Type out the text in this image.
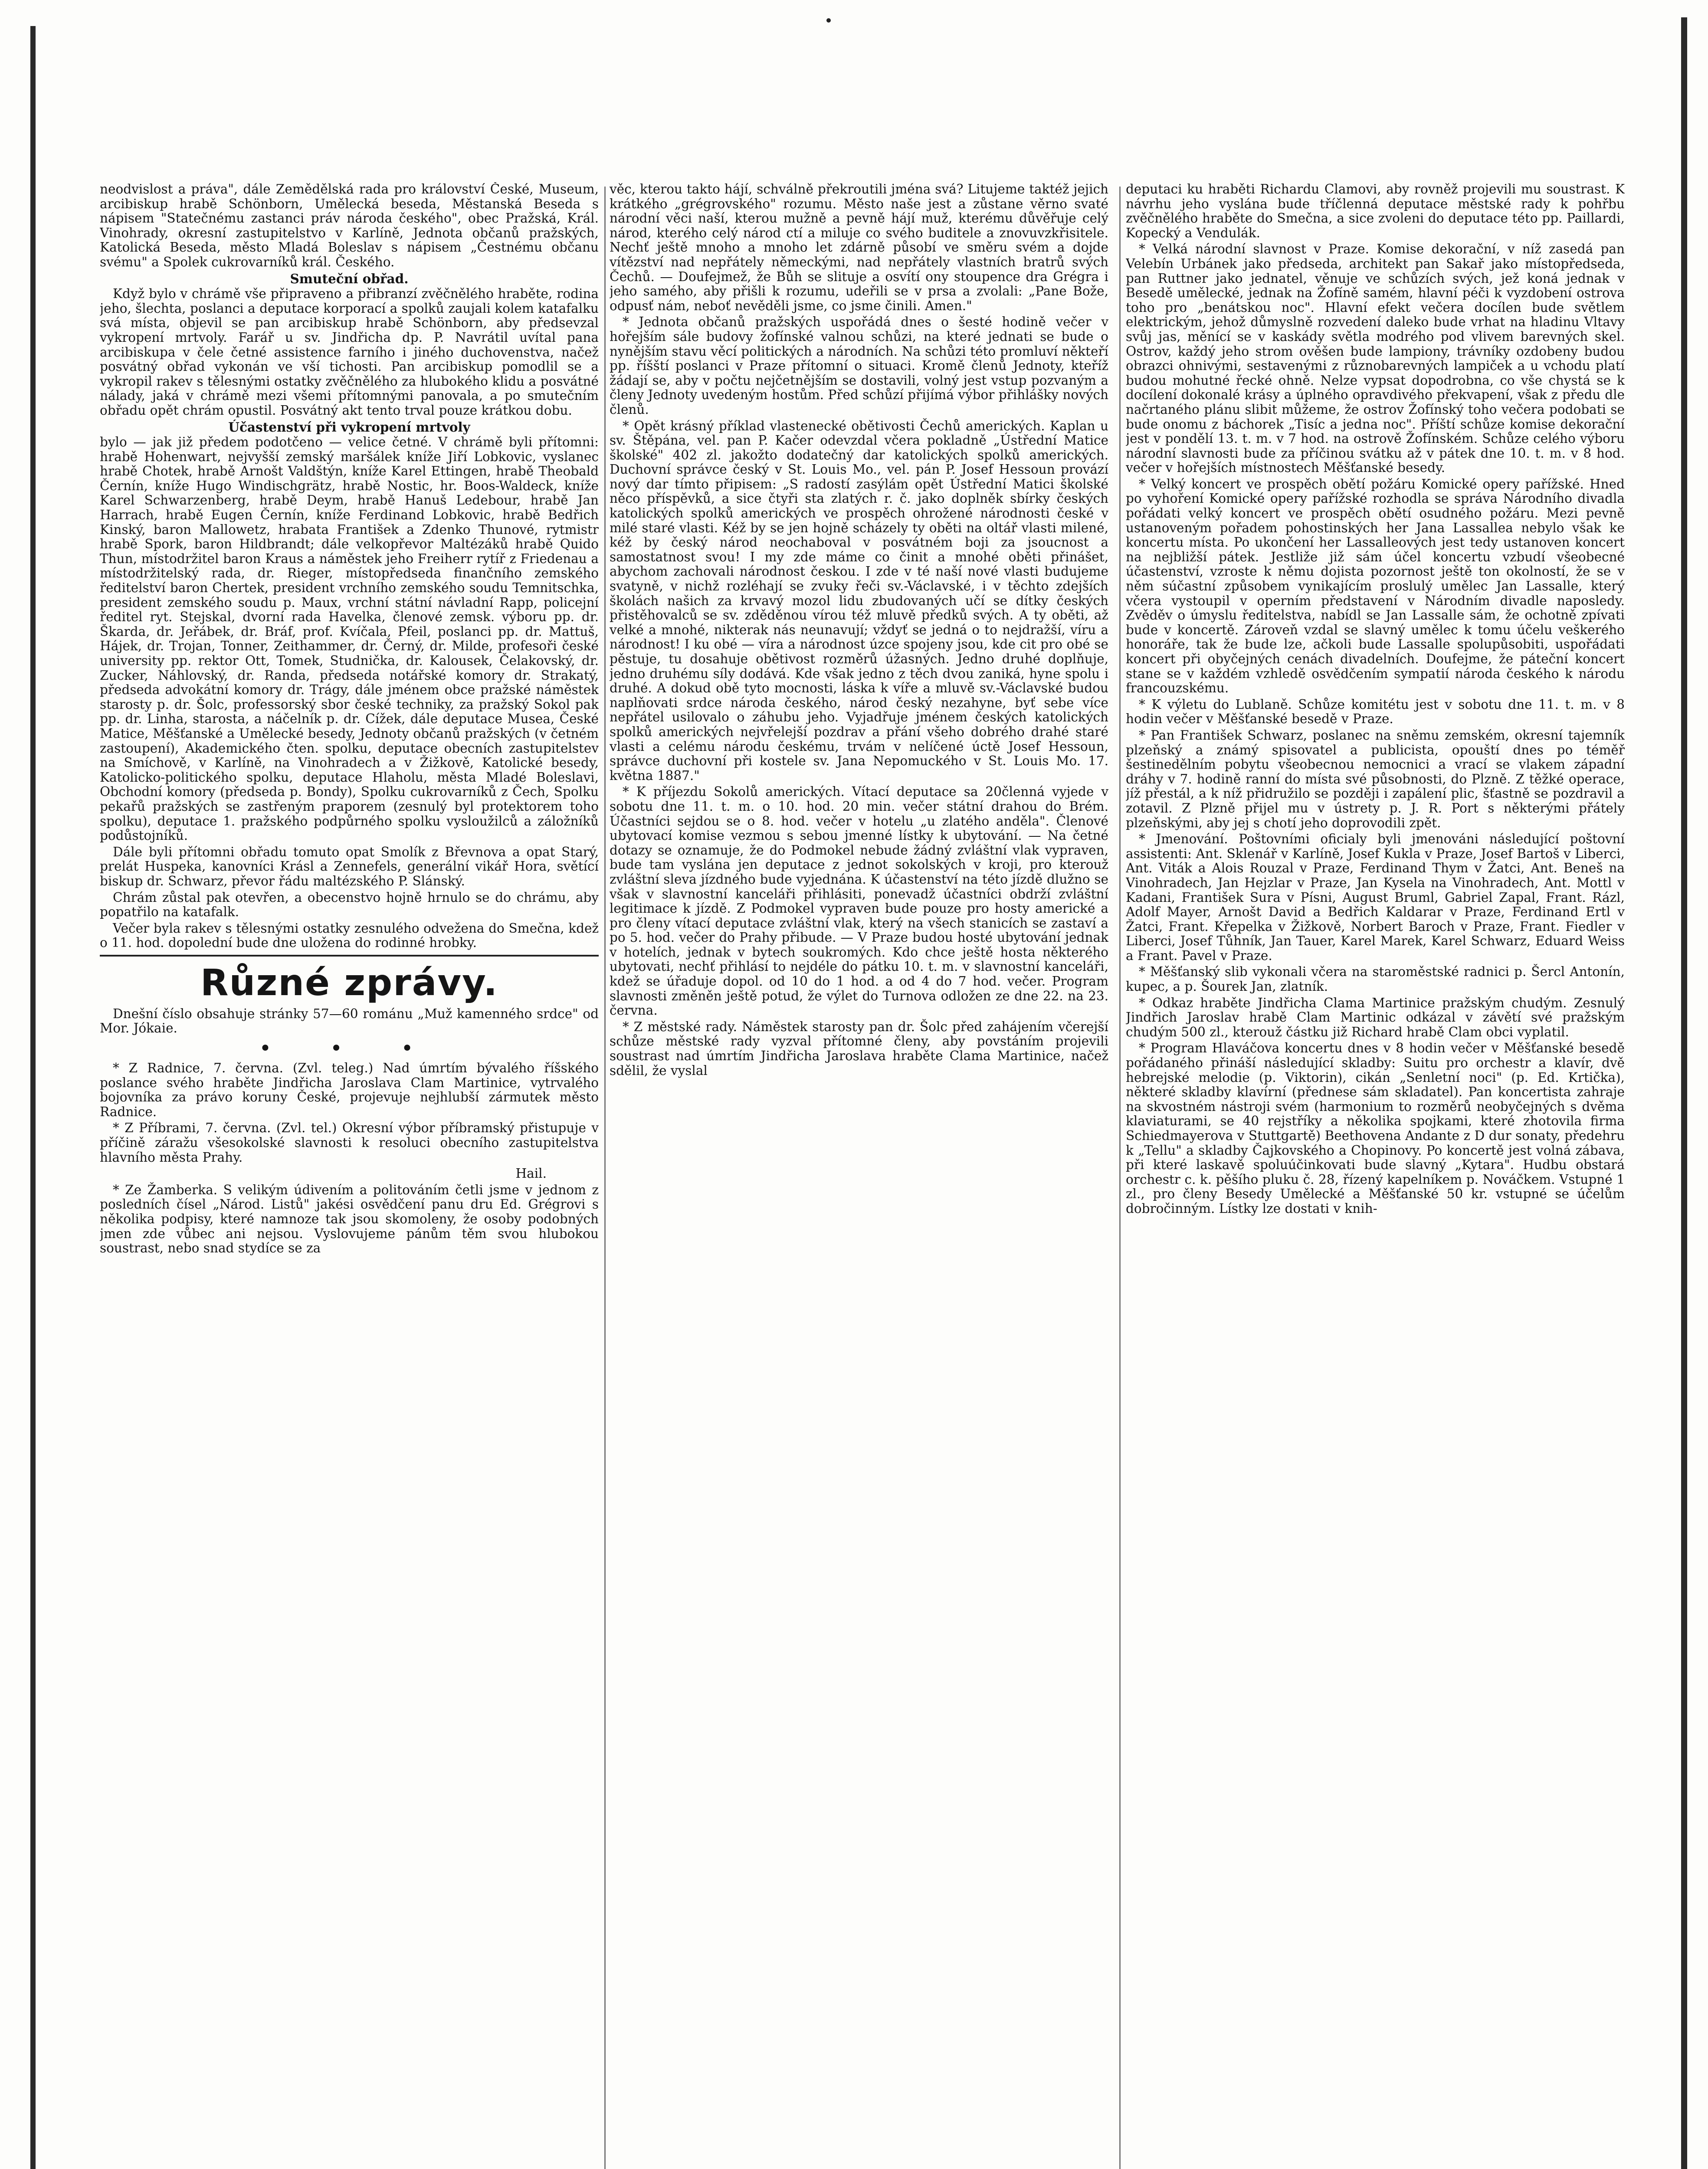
neodvislost a práva", dále Zemědělská rada pro království České, Museum, arcibiskup hrabě Schönborn, Umělecká beseda, Městanská Beseda s nápisem "Statečnému zastanci práv národa českého", obec Pražská, Král. Vinohrady, okresní zastupitelstvo v Karlíně, Jednota občanů pražských, Katolická Beseda, město Mladá Boleslav s nápisem „Čestnému občanu svému" a Spolek cukrovarníků král. Českého.

Smuteční obřad.

Když bylo v chrámě vše připraveno a přibranzí zvěčnělého hraběte, rodina jeho, šlechta, poslanci a deputace korporací a spolků zaujali kolem katafalku svá místa, objevil se pan arcibiskup hrabě Schönborn, aby předsevzal vykropení mrtvoly. Farář u sv. Jindřicha dp. P. Navrátil uvítal pana arcibiskupa v čele četné assistence farního i jiného duchovenstva, načež posvátný obřad vykonán ve vší tichosti. Pan arcibiskup pomodlil se a vykropil rakev s tělesnými ostatky zvěčnělého za hlubokého klidu a posvátné nálady, jaká v chrámě mezi všemi přítomnými panovala, a po smutečním obřadu opět chrám opustil. Posvátný akt tento trval pouze krátkou dobu.

Účastenství při vykropení mrtvoly

bylo — jak již předem podotčeno — velice četné. V chrámě byli přítomni: hrabě Hohenwart, nejvyšší zemský maršálek kníže Jiří Lobkovic, vyslanec hrabě Chotek, hrabě Arnošt Valdštýn, kníže Karel Ettingen, hrabě Theobald Černín, kníže Hugo Windischgrätz, hrabě Nostic, hr. Boos-Waldeck, kníže Karel Schwarzenberg, hrabě Deym, hrabě Hanuš Ledebour, hrabě Jan Harrach, hrabě Eugen Černín, kníže Ferdinand Lobkovic, hrabě Bedřich Kinský, baron Mallowetz, hrabata František a Zdenko Thunové, rytmistr hrabě Spork, baron Hildbrandt; dále velkopřevor Maltézáků hrabě Quido Thun, místodržitel baron Kraus a náměstek jeho Freiherr rytíř z Friedenau a místodržitelský rada, dr. Rieger, místopředseda finančního zemského ředitelství baron Chertek, president vrchního zemského soudu Temnitschka, president zemského soudu p. Maux, vrchní státní návladní Rapp, policejní ředitel ryt. Stejskal, dvorní rada Havelka, členové zemsk. výboru pp. dr. Škarda, dr. Jeřábek, dr. Bráf, prof. Kvíčala, Pfeil, poslanci pp. dr. Mattuš, Hájek, dr. Trojan, Tonner, Zeithammer, dr. Černý, dr. Milde, profesoři české university pp. rektor Ott, Tomek, Studnička, dr. Kalousek, Čelakovský, dr. Zucker, Náhlovský, dr. Randa, předseda notářské komory dr. Strakatý, předseda advokátní komory dr. Trágy, dále jménem obce pražské náměstek starosty p. dr. Šolc, professorský sbor české techniky, za pražský Sokol pak pp. dr. Linha, starosta, a náčelník p. dr. Cížek, dále deputace Musea, České Matice, Měšťanské a Umělecké besedy, Jednoty občanů pražských (v četném zastoupení), Akademického čten. spolku, deputace obecních zastupitelstev na Smíchově, v Karlíně, na Vinohradech a v Žižkově, Katolické besedy, Katolicko-politického spolku, deputace Hlaholu, města Mladé Boleslavi, Obchodní komory (předseda p. Bondy), Spolku cukrovarníků z Čech, Spolku pekařů pražských se zastřeným praporem (zesnulý byl protektorem toho spolku), deputace 1. pražského podpůrného spolku vysloužilců a záložníků podůstojníků.

Dále byli přítomni obřadu tomuto opat Smolík z Břevnova a opat Starý, prelát Huspeka, kanovníci Krásl a Zennefels, generální vikář Hora, světící biskup dr. Schwarz, převor řádu maltézského P. Slánský.

Chrám zůstal pak otevřen, a obecenstvo hojně hrnulo se do chrámu, aby popatřilo na katafalk.

Večer byla rakev s tělesnými ostatky zesnulého odvežena do Smečna, kdež o 11. hod. dopolední bude dne uložena do rodinné hrobky.

Různé zprávy.

Dnešní číslo obsahuje stránky 57—60 románu „Muž kamenného srdce" od Mor. Jókaie.

• • •

* Z Radnice, 7. června. (Zvl. teleg.) Nad úmrtím bývalého říšského poslance svého hraběte Jindřicha Jaroslava Clam Martinice, vytrvalého bojovníka za právo koruny České, projevuje nejhlubší zármutek město Radnice.

* Z Příbrami, 7. června. (Zvl. tel.) Okresní výbor příbramský přistupuje v příčině záražu všesokolské slavnosti k resoluci obecního zastupitelstva hlavního města Prahy.

Hail.

* Ze Žamberka. S velikým údivením a politováním četli jsme v jednom z posledních čísel „Národ. Listů" jakési osvědčení panu dru Ed. Grégrovi s několika podpisy, které namnoze tak jsou skomoleny, že osoby podobných jmen zde vůbec ani nejsou. Vyslovujeme pánům těm svou hlubokou soustrast, nebo snad stydíce se za

věc, kterou takto hájí, schválně překroutili jména svá? Litujeme taktéž jejich krátkého „grégrovského" rozumu. Město naše jest a zůstane věrno svaté národní věci naší, kterou mužně a pevně hájí muž, kterému důvěřuje celý národ, kterého celý národ ctí a miluje co svého buditele a znovuvzkřisitele. Nechť ještě mnoho a mnoho let zdárně působí ve směru svém a dojde vítězství nad nepřátely německými, nad nepřátely vlastních bratrů svých Čechů. — Doufejmež, že Bůh se slituje a osvítí ony stoupence dra Grégra i jeho samého, aby přišli k rozumu, udeřili se v prsa a zvolali: „Pane Bože, odpusť nám, neboť nevěděli jsme, co jsme činili. Amen."

* Jednota občanů pražských uspořádá dnes o šesté hodině večer v hořejším sále budovy žofínské valnou schůzi, na které jednati se bude o nynějším stavu věcí politických a národních. Na schůzi této promluví někteří pp. říšští poslanci v Praze přítomní o situaci. Kromě členů Jednoty, kteříž žádají se, aby v počtu nejčetnějším se dostavili, volný jest vstup pozvaným a členy Jednoty uvedeným hostům. Před schůzí přijímá výbor přihlášky nových členů.

* Opět krásný příklad vlastenecké obětivosti Čechů amerických. Kaplan u sv. Štěpána, vel. pan P. Kačer odevzdal včera pokladně „Ústřední Matice školské" 402 zl. jakožto dodatečný dar katolických spolků amerických. Duchovní správce český v St. Louis Mo., vel. pán P. Josef Hessoun provází nový dar tímto připisem: „S radostí zasýlám opět Ústřední Matici školské něco příspěvků, a sice čtyři sta zlatých r. č. jako doplněk sbírky českých katolických spolků amerických ve prospěch ohrožené národnosti české v milé staré vlasti. Kéž by se jen hojně scházely ty oběti na oltář vlasti milené, kéž by český národ neochaboval v posvátném boji za jsoucnost a samostatnost svou! I my zde máme co činit a mnohé oběti přinášet, abychom zachovali národnost českou. I zde v té naší nové vlasti budujeme svatyně, v nichž rozléhají se zvuky řeči sv.-Václavské, i v těchto zdejších školách našich za krvavý mozol lidu zbudovaných učí se dítky českých přistěhovalců se sv. zděděnou vírou též mluvě předků svých. A ty oběti, až velké a mnohé, nikterak nás neunavují; vždyť se jedná o to nejdražší, víru a národnost! I ku obé — víra a národnost úzce spojeny jsou, kde cit pro obé se pěstuje, tu dosahuje obětivost rozměrů úžasných. Jedno druhé doplňuje, jedno druhému síly dodává. Kde však jedno z těch dvou zaniká, hyne spolu i druhé. A dokud obě tyto mocnosti, láska k víře a mluvě sv.-Václavské budou naplňovati srdce národa českého, národ český nezahyne, byť sebe více nepřátel usilovalo o záhubu jeho. Vyjadřuje jménem českých katolických spolků amerických nejvřelejší pozdrav a přání všeho dobrého drahé staré vlasti a celému národu českému, trvám v nelíčené úctě Josef Hessoun, správce duchovní při kostele sv. Jana Nepomuckého v St. Louis Mo. 17. května 1887."

* K příjezdu Sokolů amerických. Vítací deputace sa 20členná vyjede v sobotu dne 11. t. m. o 10. hod. 20 min. večer státní drahou do Brém. Účastníci sejdou se o 8. hod. večer v hotelu „u zlatého anděla". Členové ubytovací komise vezmou s sebou jmenné lístky k ubytování. — Na četné dotazy se oznamuje, že do Podmokel nebude žádný zvláštní vlak vypraven, bude tam vyslána jen deputace z jednot sokolských v kroji, pro kterouž zvláštní sleva jízdného bude vyjednána. K účastenství na této jízdě dlužno se však v slavnostní kanceláři přihlásiti, ponevadž účastníci obdrží zvláštní legitimace k jízdě. Z Podmokel vypraven bude pouze pro hosty americké a pro členy vítací deputace zvláštní vlak, který na všech stanicích se zastaví a po 5. hod. večer do Prahy přibude. — V Praze budou hosté ubytování jednak v hotelích, jednak v bytech soukromých. Kdo chce ještě hosta některého ubytovati, nechť přihlásí to nejdéle do pátku 10. t. m. v slavnostní kanceláři, kdež se úřaduje dopol. od 10 do 1 hod. a od 4 do 7 hod. večer. Program slavnosti změněn ještě potud, že výlet do Turnova odložen ze dne 22. na 23. června.

* Z městské rady. Náměstek starosty pan dr. Šolc před zahájením včerejší schůze městské rady vyzval přítomné členy, aby povstáním projevili soustrast nad úmrtím Jindřicha Jaroslava hraběte Clama Martinice, načež sdělil, že vyslal

deputaci ku hraběti Richardu Clamovi, aby rovněž projevili mu soustrast. K návrhu jeho vyslána bude tříčlenná deputace městské rady k pohřbu zvěčnělého hraběte do Smečna, a sice zvoleni do deputace této pp. Paillardi, Kopecký a Vendulák.

* Velká národní slavnost v Praze. Komise dekorační, v níž zasedá pan Velebín Urbánek jako předseda, architekt pan Sakař jako místopředseda, pan Ruttner jako jednatel, věnuje ve schůzích svých, jež koná jednak v Besedě umělecké, jednak na Žofíně samém, hlavní péči k vyzdobení ostrova toho pro „benátskou noc". Hlavní efekt večera docílen bude světlem elektrickým, jehož důmyslně rozvedení daleko bude vrhat na hladinu Vltavy svůj jas, měnící se v kaskády světla modrého pod vlivem barevných skel. Ostrov, každý jeho strom ověšen bude lampiony, trávníky ozdobeny budou obrazci ohnivými, sestavenými z různobarevných lampiček a u vchodu platí budou mohutné řecké ohně. Nelze vypsat dopodrobna, co vše chystá se k docílení dokonalé krásy a úplného opravdivého překvapení, však z předu dle načrtaného plánu slibit můžeme, že ostrov Žofínský toho večera podobati se bude onomu z báchorek „Tisíc a jedna noc". Příští schůze komise dekorační jest v pondělí 13. t. m. v 7 hod. na ostrově Žofínském. Schůze celého výboru národní slavnosti bude za příčinou svátku až v pátek dne 10. t. m. v 8 hod. večer v hořejších místnostech Měšťanské besedy.

* Velký koncert ve prospěch obětí požáru Komické opery pařížské. Hned po vyhoření Komické opery pařížské rozhodla se správa Národního divadla pořádati velký koncert ve prospěch obětí osudného požáru. Mezi pevně ustanoveným pořadem pohostinských her Jana Lassallea nebylo však ke koncertu místa. Po ukončení her Lassalleových jest tedy ustanoven koncert na nejbližší pátek. Jestliže již sám účel koncertu vzbudí všeobecné účastenství, vzroste k němu dojista pozornost ještě ton okolností, že se v něm súčastní způsobem vynikajícím proslulý umělec Jan Lassalle, který včera vystoupil v operním představení v Národním divadle naposledy. Zvěděv o úmyslu ředitelstva, nabídl se Jan Lassalle sám, že ochotně zpívati bude v koncertě. Zároveň vzdal se slavný umělec k tomu účelu veškerého honoráře, tak že bude lze, ačkoli bude Lassalle spolupůsobiti, uspořádati koncert při obyčejných cenách divadelních. Doufejme, že páteční koncert stane se v každém vzhledě osvědčením sympatií národa českého k národu francouzskému.

* K výletu do Lublaně. Schůze komitétu jest v sobotu dne 11. t. m. v 8 hodin večer v Měšťanské besedě v Praze.

* Pan František Schwarz, poslanec na sněmu zemském, okresní tajemník plzeňský a známý spisovatel a publicista, opouští dnes po téměř šestinedělním pobytu všeobecnou nemocnici a vrací se vlakem západní dráhy v 7. hodině ranní do místa své působnosti, do Plzně. Z těžké operace, jíž přestál, a k níž přidružilo se později i zapálení plic, šťastně se pozdravil a zotavil. Z Plzně přijel mu v ústrety p. J. R. Port s některými přátely plzeňskými, aby jej s chotí jeho doprovodili zpět.

* Jmenování. Poštovními oficialy byli jmenováni následující poštovní assistenti: Ant. Sklenář v Karlíně, Josef Kukla v Praze, Josef Bartoš v Liberci, Ant. Viták a Alois Rouzal v Praze, Ferdinand Thym v Žatci, Ant. Beneš na Vinohradech, Jan Hejzlar v Praze, Jan Kysela na Vinohradech, Ant. Mottl v Kadani, František Sura v Písni, August Bruml, Gabriel Zapal, Frant. Rázl, Adolf Mayer, Arnošt David a Bedřich Kaldarar v Praze, Ferdinand Ertl v Žatci, Frant. Křepelka v Žižkově, Norbert Baroch v Praze, Frant. Fiedler v Liberci, Josef Tůhník, Jan Tauer, Karel Marek, Karel Schwarz, Eduard Weiss a Frant. Pavel v Praze.

* Měšťanský slib vykonali včera na staroměstské radnici p. Šercl Antonín, kupec, a p. Šourek Jan, zlatník.

* Odkaz hraběte Jindřicha Clama Martinice pražským chudým. Zesnulý Jindřich Jaroslav hrabě Clam Martinic odkázal v závětí své pražským chudým 500 zl., kterouž částku již Richard hrabě Clam obci vyplatil.

* Program Hlaváčova koncertu dnes v 8 hodin večer v Měšťanské besedě pořádaného přináší následující skladby: Suitu pro orchestr a klavír, dvě hebrejské melodie (p. Viktorin), cikán „Senletní noci" (p. Ed. Krtička), některé skladby klavírní (přednese sám skladatel). Pan koncertista zahraje na skvostném nástroji svém (harmonium to rozměrů neobyčejných s dvěma klaviaturami, se 40 rejstříky a několika spojkami, které zhotovila firma Schiedmayerova v Stuttgartě) Beethovena Andante z D dur sonaty, předehru k „Tellu" a skladby Čajkovského a Chopinovy. Po koncertě jest volná zábava, při které laskavě spoluúčinkovati bude slavný „Kytara". Hudbu obstará orchestr c. k. pěšího pluku č. 28, řízený kapelníkem p. Nováčkem. Vstupné 1 zl., pro členy Besedy Umělecké a Měšťanské 50 kr. vstupné se účelům dobročinným. Lístky lze dostati v knih-
